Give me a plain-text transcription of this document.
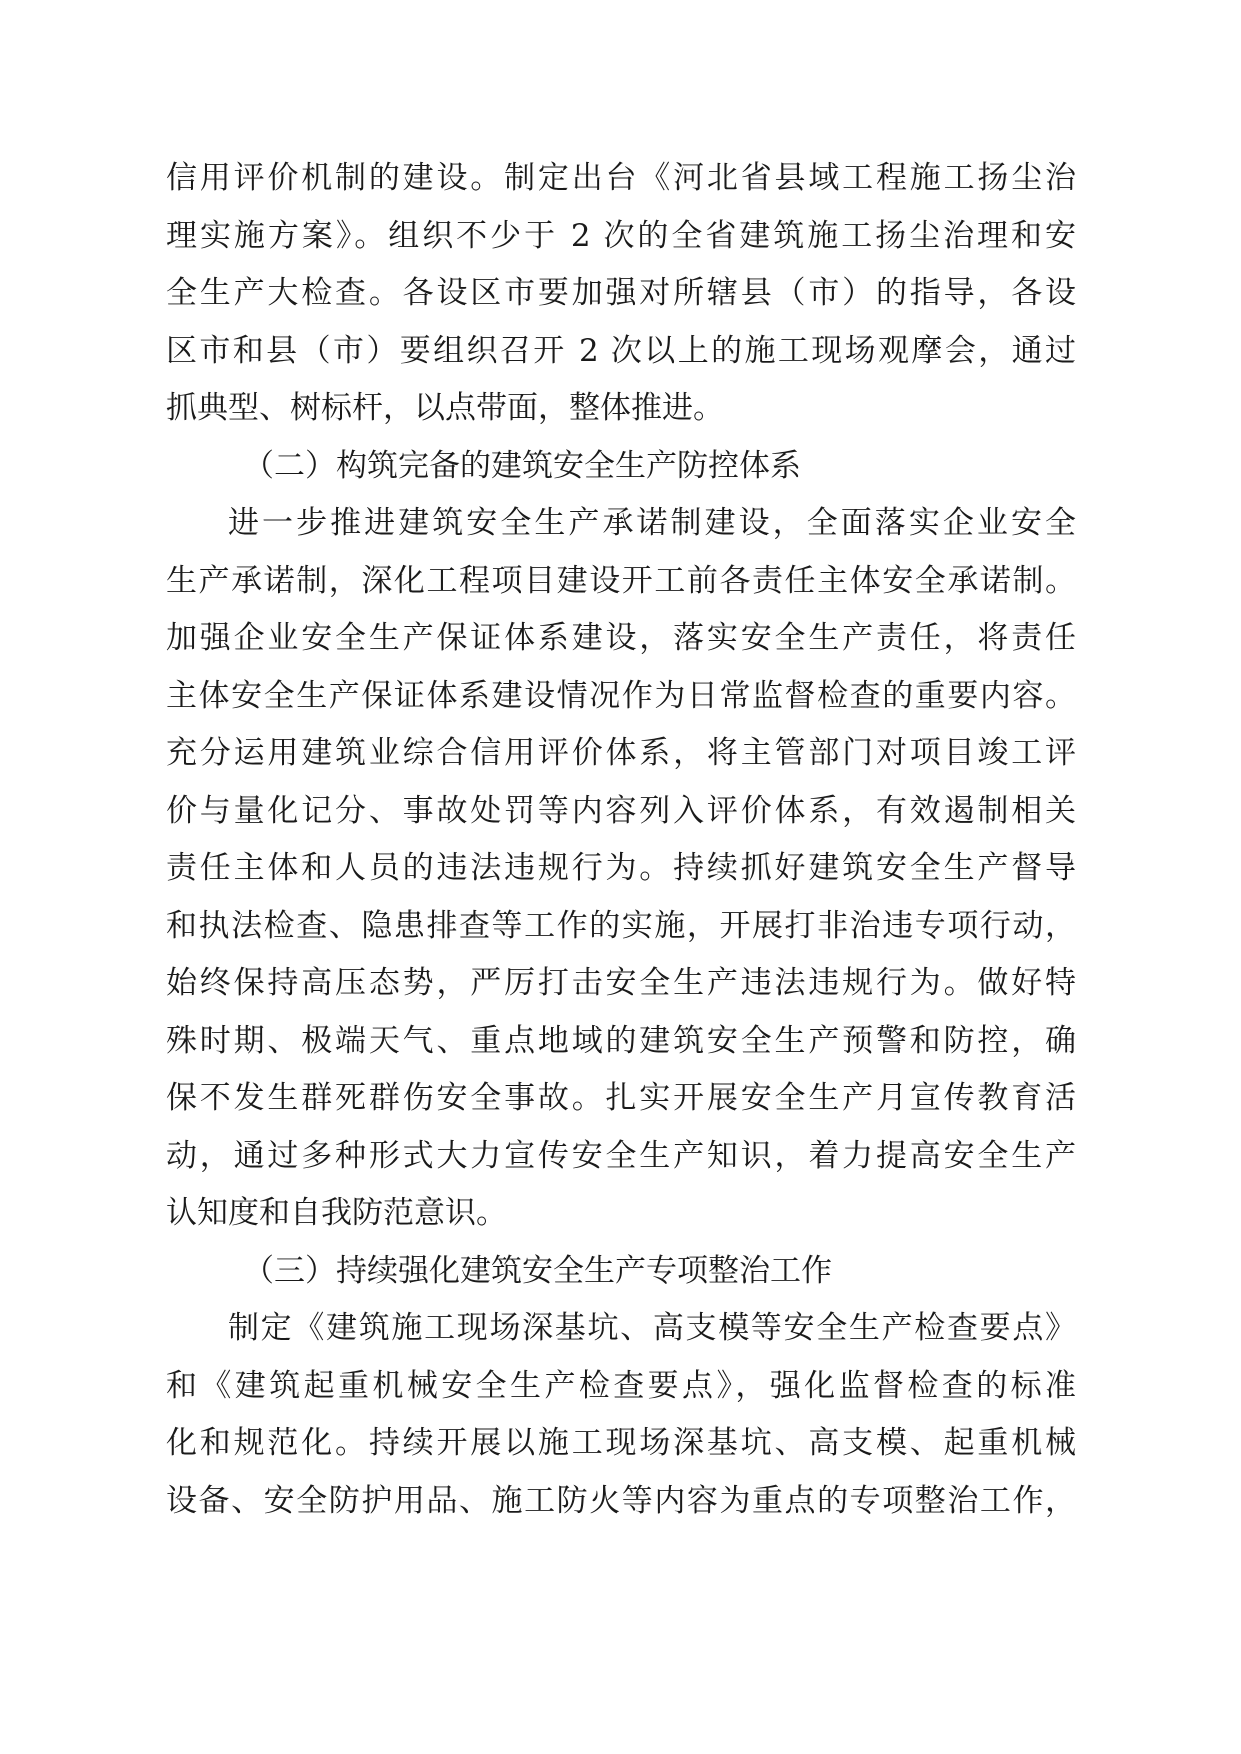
信用评价机制的建设。制定出台《河北省县域工程施工扬尘治
理实施方案》。组织不少于 2 次的全省建筑施工扬尘治理和安
全生产大检查。各设区市要加强对所辖县（市）的指导，各设
区市和县（市）要组织召开 2 次以上的施工现场观摩会，通过
抓典型、树标杆，以点带面，整体推进。
（二）构筑完备的建筑安全生产防控体系
进一步推进建筑安全生产承诺制建设，全面落实企业安全
生产承诺制，深化工程项目建设开工前各责任主体安全承诺制。
加强企业安全生产保证体系建设，落实安全生产责任，将责任
主体安全生产保证体系建设情况作为日常监督检查的重要内容。
充分运用建筑业综合信用评价体系，将主管部门对项目竣工评
价与量化记分、事故处罚等内容列入评价体系，有效遏制相关
责任主体和人员的违法违规行为。持续抓好建筑安全生产督导
和执法检查、隐患排查等工作的实施，开展打非治违专项行动，
始终保持高压态势，严厉打击安全生产违法违规行为。做好特
殊时期、极端天气、重点地域的建筑安全生产预警和防控，确
保不发生群死群伤安全事故。扎实开展安全生产月宣传教育活
动，通过多种形式大力宣传安全生产知识，着力提高安全生产
认知度和自我防范意识。
（三）持续强化建筑安全生产专项整治工作
制定《建筑施工现场深基坑、高支模等安全生产检查要点》
和《建筑起重机械安全生产检查要点》，强化监督检查的标准
化和规范化。持续开展以施工现场深基坑、高支模、起重机械
设备、安全防护用品、施工防火等内容为重点的专项整治工作，
